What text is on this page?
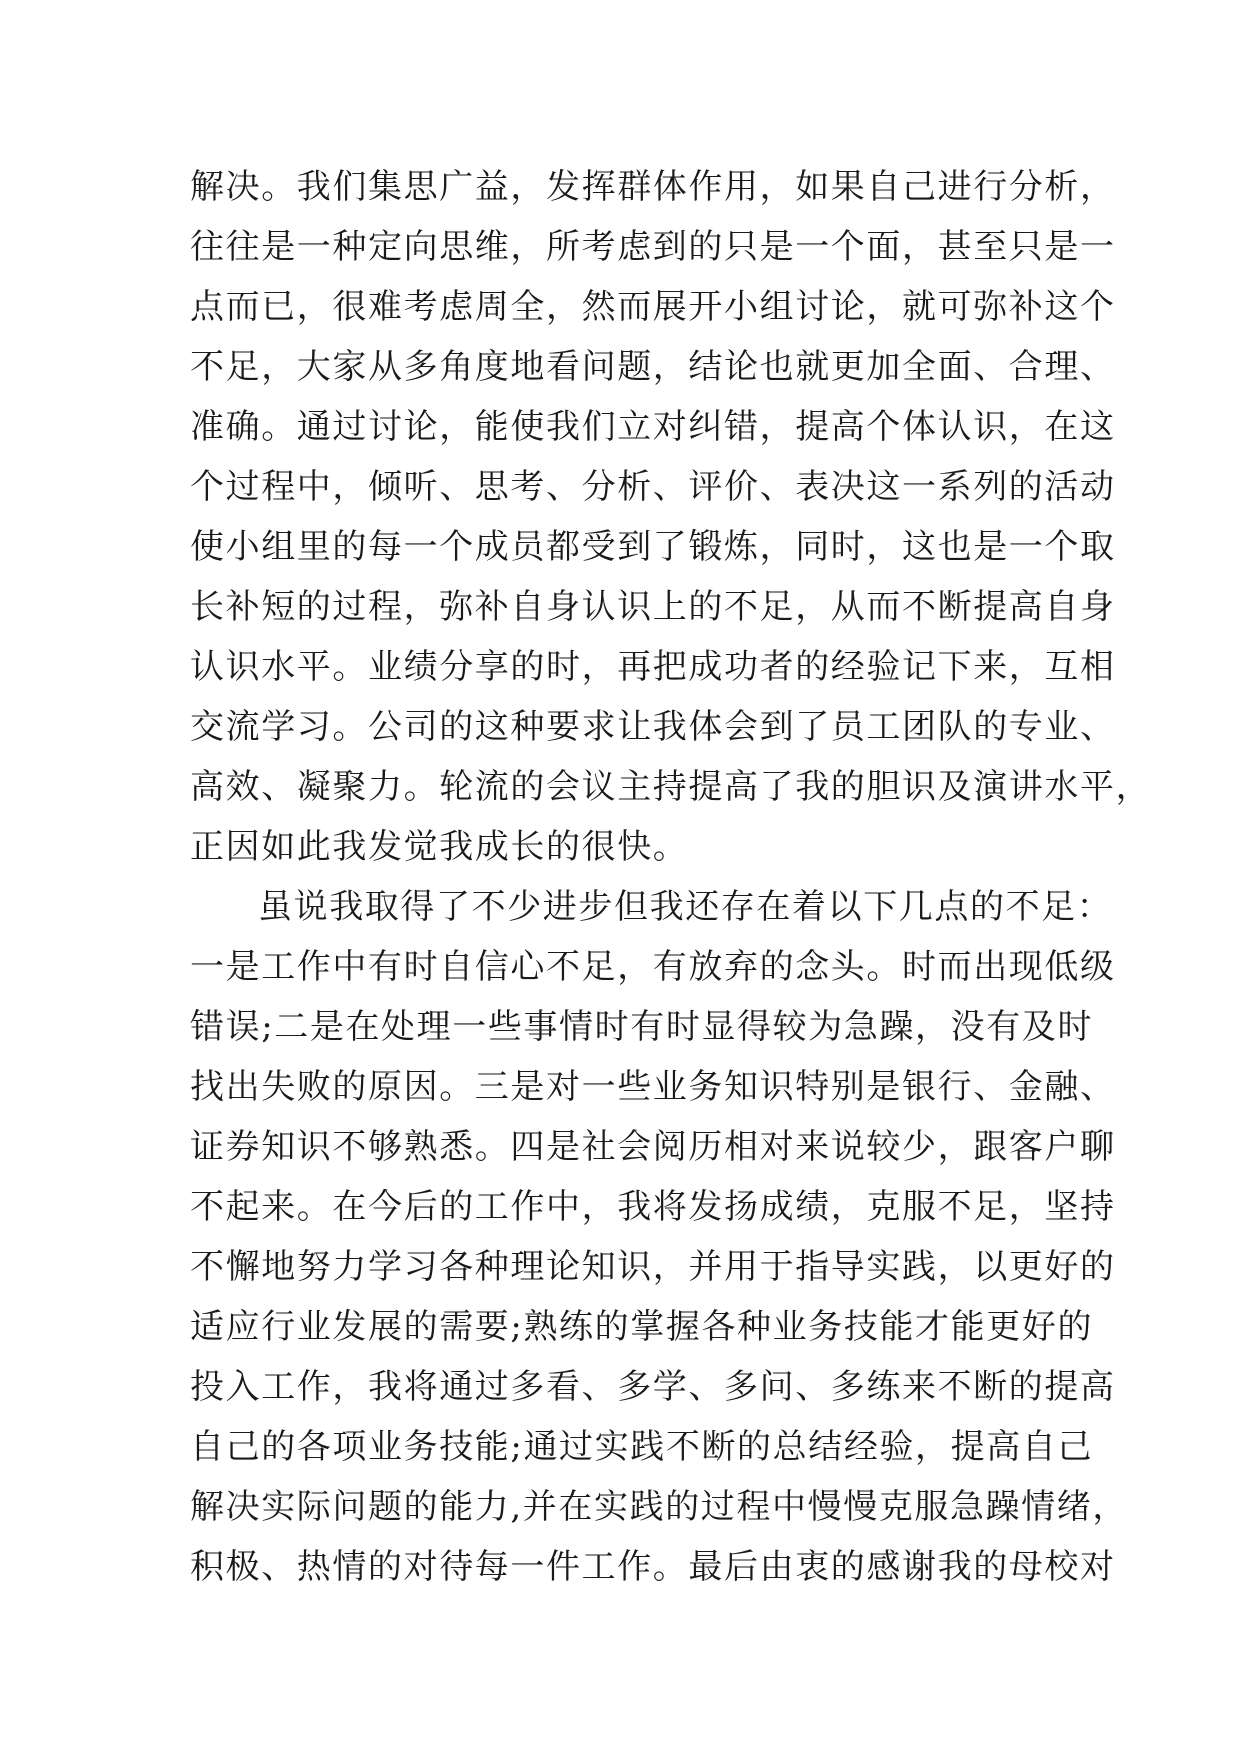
解决。我们集思广益，发挥群体作用，如果自己进行分析，
往往是一种定向思维，所考虑到的只是一个面，甚至只是一
点而已，很难考虑周全，然而展开小组讨论，就可弥补这个
不足，大家从多角度地看问题，结论也就更加全面、合理、
准确。通过讨论，能使我们立对纠错，提高个体认识，在这
个过程中，倾听、思考、分析、评价、表决这一系列的活动
使小组里的每一个成员都受到了锻炼，同时，这也是一个取
长补短的过程，弥补自身认识上的不足，从而不断提高自身
认识水平。业绩分享的时，再把成功者的经验记下来，互相
交流学习。公司的这种要求让我体会到了员工团队的专业、
高效、凝聚力。轮流的会议主持提高了我的胆识及演讲水平，
正因如此我发觉我成长的很快。
虽说我取得了不少进步但我还存在着以下几点的不足：
一是工作中有时自信心不足，有放弃的念头。时而出现低级
错误;二是在处理一些事情时有时显得较为急躁，没有及时
找出失败的原因。三是对一些业务知识特别是银行、金融、
证券知识不够熟悉。四是社会阅历相对来说较少，跟客户聊
不起来。在今后的工作中，我将发扬成绩，克服不足，坚持
不懈地努力学习各种理论知识，并用于指导实践，以更好的
适应行业发展的需要;熟练的掌握各种业务技能才能更好的
投入工作，我将通过多看、多学、多问、多练来不断的提高
自己的各项业务技能;通过实践不断的总结经验，提高自己
解决实际问题的能力,并在实践的过程中慢慢克服急躁情绪，
积极、热情的对待每一件工作。最后由衷的感谢我的母校对
